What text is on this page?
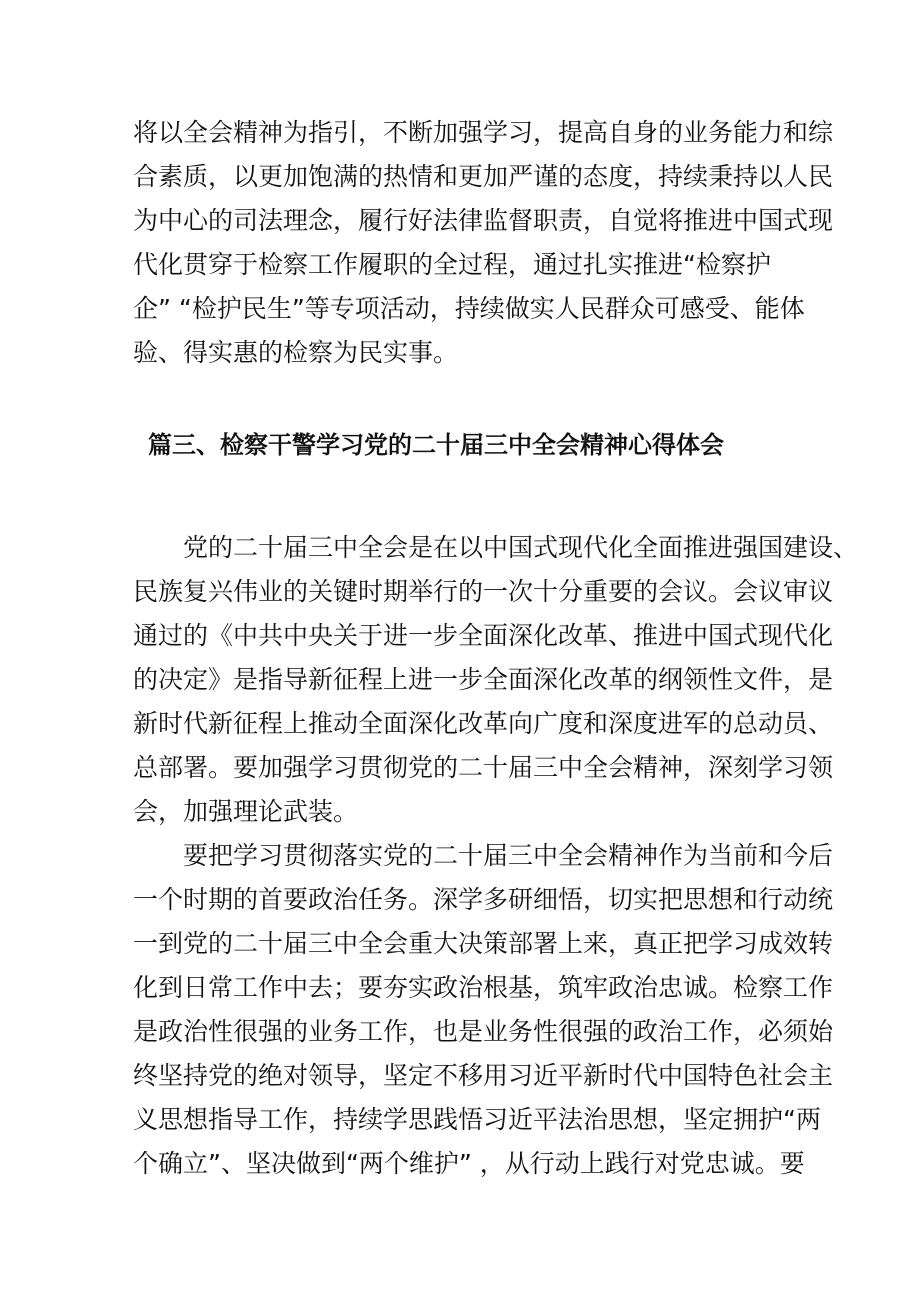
将以全会精神为指引，不断加强学习，提高自身的业务能力和综
合素质，以更加饱满的热情和更加严谨的态度，持续秉持以人民
为中心的司法理念，履行好法律监督职责，自觉将推进中国式现
代化贯穿于检察工作履职的全过程，通过扎实推进“检察护
企” “检护民生”等专项活动，持续做实人民群众可感受、能体
验、得实惠的检察为民实事。
篇三、检察干警学习党的二十届三中全会精神心得体会
党的二十届三中全会是在以中国式现代化全面推进强国建设、
民族复兴伟业的关键时期举行的一次十分重要的会议。会议审议
通过的《中共中央关于进一步全面深化改革、推进中国式现代化
的决定》是指导新征程上进一步全面深化改革的纲领性文件，是
新时代新征程上推动全面深化改革向广度和深度进军的总动员、
总部署。要加强学习贯彻党的二十届三中全会精神，深刻学习领
会，加强理论武装。
要把学习贯彻落实党的二十届三中全会精神作为当前和今后
一个时期的首要政治任务。深学多研细悟，切实把思想和行动统
一到党的二十届三中全会重大决策部署上来，真正把学习成效转
化到日常工作中去；要夯实政治根基，筑牢政治忠诚。检察工作
是政治性很强的业务工作，也是业务性很强的政治工作，必须始
终坚持党的绝对领导，坚定不移用习近平新时代中国特色社会主
义思想指导工作，持续学思践悟习近平法治思想，坚定拥护“两
个确立”、坚决做到“两个维护” ，从行动上践行对党忠诚。要
